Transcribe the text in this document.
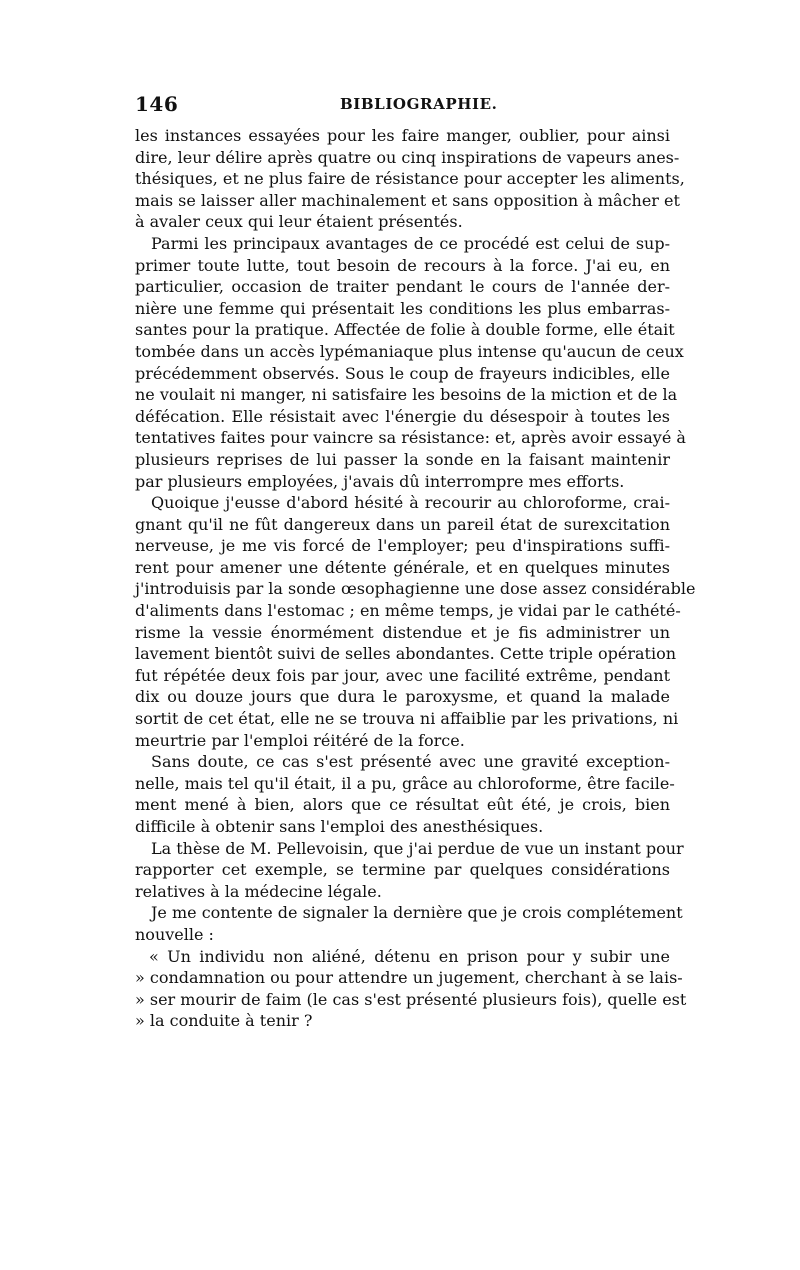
146	BIBLIOGRAPHIE.
les instances essayées pour les faire manger, oublier, pour ainsi
dire, leur délire après quatre ou cinq inspirations de vapeurs anes-
thésiques, et ne plus faire de résistance pour accepter les aliments,
mais se laisser aller machinalement et sans opposition à mâcher et
à avaler ceux qui leur étaient présentés.
Parmi les principaux avantages de ce procédé est celui de sup-
primer toute lutte, tout besoin de recours à la force. J'ai eu, en
particulier, occasion de traiter pendant le cours de l'année der-
nière une femme qui présentait les conditions les plus embarras-
santes pour la pratique. Affectée de folie à double forme, elle était
tombée dans un accès lypémaniaque plus intense qu'aucun de ceux
précédemment observés. Sous le coup de frayeurs indicibles, elle
ne voulait ni manger, ni satisfaire les besoins de la miction et de la
défécation. Elle résistait avec l'énergie du désespoir à toutes les
tentatives faites pour vaincre sa résistance: et, après avoir essayé à
plusieurs reprises de lui passer la sonde en la faisant maintenir
par plusieurs employées, j'avais dû interrompre mes efforts.
Quoique j'eusse d'abord hésité à recourir au chloroforme, crai-
gnant qu'il ne fût dangereux dans un pareil état de surexcitation
nerveuse, je me vis forcé de l'employer; peu d'inspirations suffi-
rent pour amener une détente générale, et en quelques minutes
j'introduisis par la sonde œsophagienne une dose assez considérable
d'aliments dans l'estomac ; en même temps, je vidai par le cathété-
risme la vessie énormément distendue et je fis administrer un
lavement bientôt suivi de selles abondantes. Cette triple opération
fut répétée deux fois par jour, avec une facilité extrême, pendant
dix ou douze jours que dura le paroxysme, et quand la malade
sortit de cet état, elle ne se trouva ni affaiblie par les privations, ni
meurtrie par l'emploi réitéré de la force.
Sans doute, ce cas s'est présenté avec une gravité exception-
nelle, mais tel qu'il était, il a pu, grâce au chloroforme, être facile-
ment mené à bien, alors que ce résultat eût été, je crois, bien
difficile à obtenir sans l'emploi des anesthésiques.
La thèse de M. Pellevoisin, que j'ai perdue de vue un instant pour
rapporter cet exemple, se termine par quelques considérations
relatives à la médecine légale.
Je me contente de signaler la dernière que je crois complétement
nouvelle :
« Un individu non aliéné, détenu en prison pour y subir une
» condamnation ou pour attendre un jugement, cherchant à se lais-
» ser mourir de faim (le cas s'est présenté plusieurs fois), quelle est
» la conduite à tenir ?
